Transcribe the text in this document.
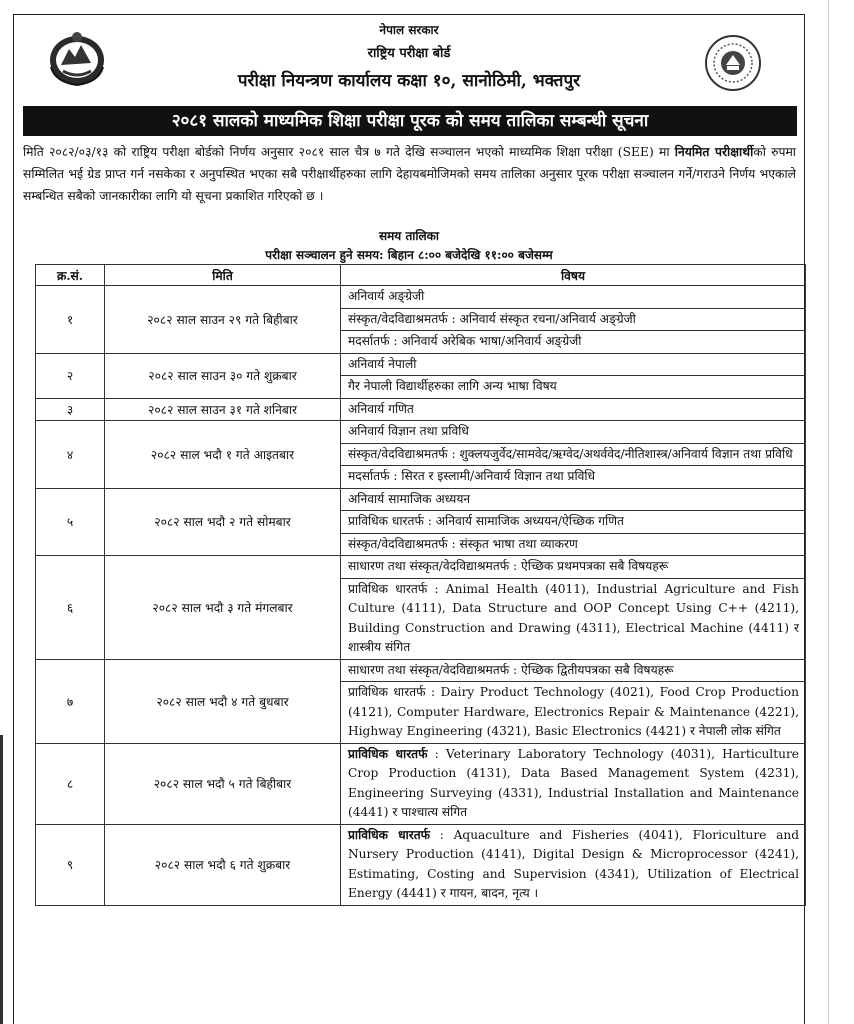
नेपाल सरकार
राष्ट्रिय परीक्षा बोर्ड
परीक्षा नियन्त्रण कार्यालय कक्षा १०, सानोठिमी, भक्तपुर
२०८१ सालको माध्यमिक शिक्षा परीक्षा पूरक को समय तालिका सम्बन्धी सूचना
मिति २०८२/०३/१३ को राष्ट्रिय परीक्षा बोर्डको निर्णय अनुसार २०८१ साल चैत्र ७ गते देखि सञ्चालन भएको माध्यमिक शिक्षा परीक्षा (SEE) मा नियमित परीक्षार्थीको रुपमा सम्मिलित भई ग्रेड प्राप्त गर्न नसकेका र अनुपस्थित भएका सबै परीक्षार्थीहरुका लागि देहायबमोजिमको समय तालिका अनुसार पूरक परीक्षा सञ्चालन गर्ने/गराउने निर्णय भएकाले सम्बन्धित सबैको जानकारीका लागि यो सूचना प्रकाशित गरिएको छ ।
समय तालिका
परीक्षा सञ्चालन हुने समय: बिहान ८:०० बजेदेखि ११:०० बजेसम्म
क्र.सं.	मिति	विषय
१	२०८२ साल साउन २९ गते बिहीबार	अनिवार्य अङ्ग्रेजी
संस्कृत/वेदविद्याश्रमतर्फ : अनिवार्य संस्कृत रचना/अनिवार्य अङ्ग्रेजी
मदर्सातर्फ : अनिवार्य अरेबिक भाषा/अनिवार्य अङ्ग्रेजी

२	२०८२ साल साउन ३० गते शुक्रबार	अनिवार्य नेपाली
गैर नेपाली विद्यार्थीहरुका लागि अन्य भाषा विषय

३	२०८२ साल साउन ३१ गते शनिबार	अनिवार्य गणित

४	२०८२ साल भदौ १ गते आइतबार	अनिवार्य विज्ञान तथा प्रविधि
संस्कृत/वेदविद्याश्रमतर्फ : शुक्लयजुर्वेद/सामवेद/ऋग्वेद/अथर्ववेद/नीतिशास्त्र/अनिवार्य विज्ञान तथा प्रविधि
मदर्सातर्फ : सिरत र इस्लामी/अनिवार्य विज्ञान तथा प्रविधि

५	२०८२ साल भदौ २ गते सोमबार	अनिवार्य सामाजिक अध्ययन
प्राविधिक धारतर्फ : अनिवार्य सामाजिक अध्ययन/ऐच्छिक गणित
संस्कृत/वेदविद्याश्रमतर्फ : संस्कृत भाषा तथा व्याकरण

६	२०८२ साल भदौ ३ गते मंगलबार	साधारण तथा संस्कृत/वेदविद्याश्रमतर्फ : ऐच्छिक प्रथमपत्रका सबै विषयहरू
प्राविधिक धारतर्फ : Animal Health (4011), Industrial Agriculture and Fish Culture (4111), Data Structure and OOP Concept Using C++ (4211), Building Construction and Drawing (4311), Electrical Machine (4411) र शास्त्रीय संगित

७	२०८२ साल भदौ ४ गते बुधबार	साधारण तथा संस्कृत/वेदविद्याश्रमतर्फ : ऐच्छिक द्वितीयपत्रका सबै विषयहरू
प्राविधिक धारतर्फ : Dairy Product Technology (4021), Food Crop Production (4121), Computer Hardware, Electronics Repair & Maintenance (4221), Highway Engineering (4321), Basic Electronics (4421) र नेपाली लोक संगित

८	२०८२ साल भदौ ५ गते बिहीबार	प्राविधिक धारतर्फ : Veterinary Laboratory Technology (4031), Harticulture Crop Production (4131), Data Based Management System (4231), Engineering Surveying (4331), Industrial Installation and Maintenance (4441) र पाश्चात्य संगित

९	२०८२ साल भदौ ६ गते शुक्रबार	प्राविधिक धारतर्फ : Aquaculture and Fisheries (4041), Floriculture and Nursery Production (4141), Digital Design & Microprocessor (4241), Estimating, Costing and Supervision (4341), Utilization of Electrical Energy (4441) र गायन, बादन, नृत्य ।
